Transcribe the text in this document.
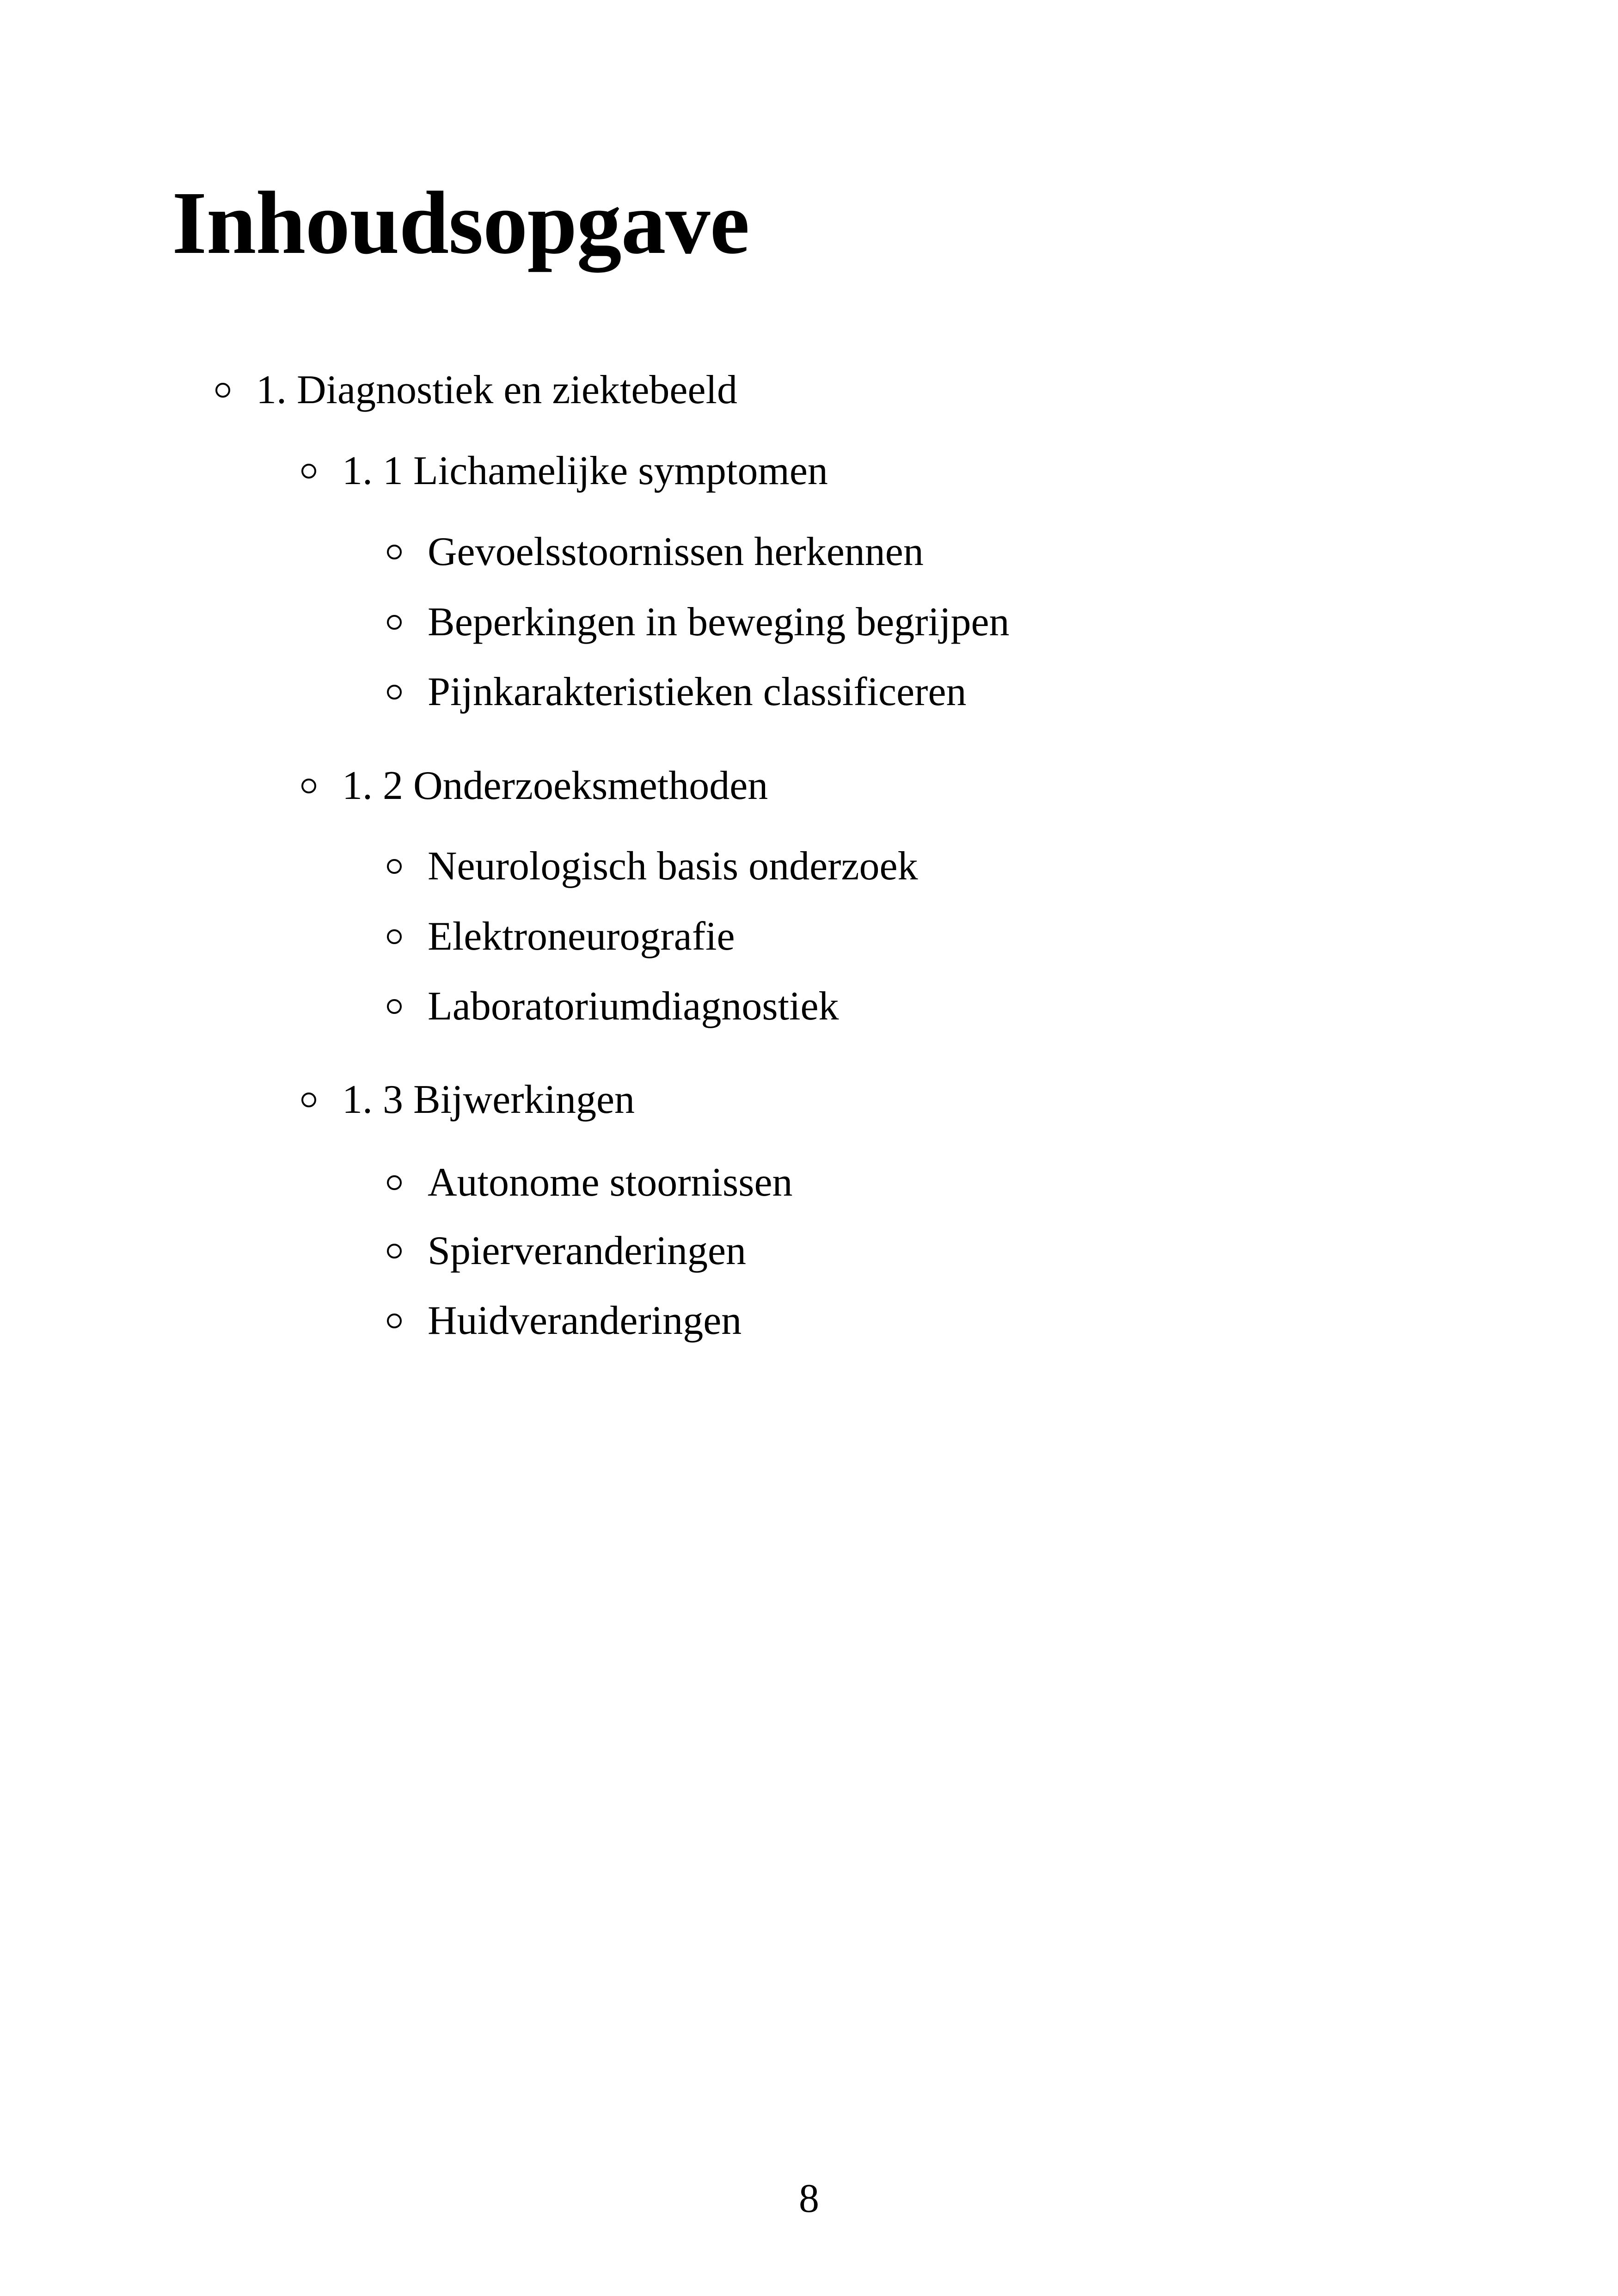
Inhoudsopgave
1. Diagnostiek en ziektebeeld
1. 1 Lichamelijke symptomen
Gevoelsstoornissen herkennen
Beperkingen in beweging begrijpen
Pijnkarakteristieken classificeren
1. 2 Onderzoeksmethoden
Neurologisch basis onderzoek
Elektroneurografie
Laboratoriumdiagnostiek
1. 3 Bijwerkingen
Autonome stoornissen
Spierveranderingen
Huidveranderingen
8
